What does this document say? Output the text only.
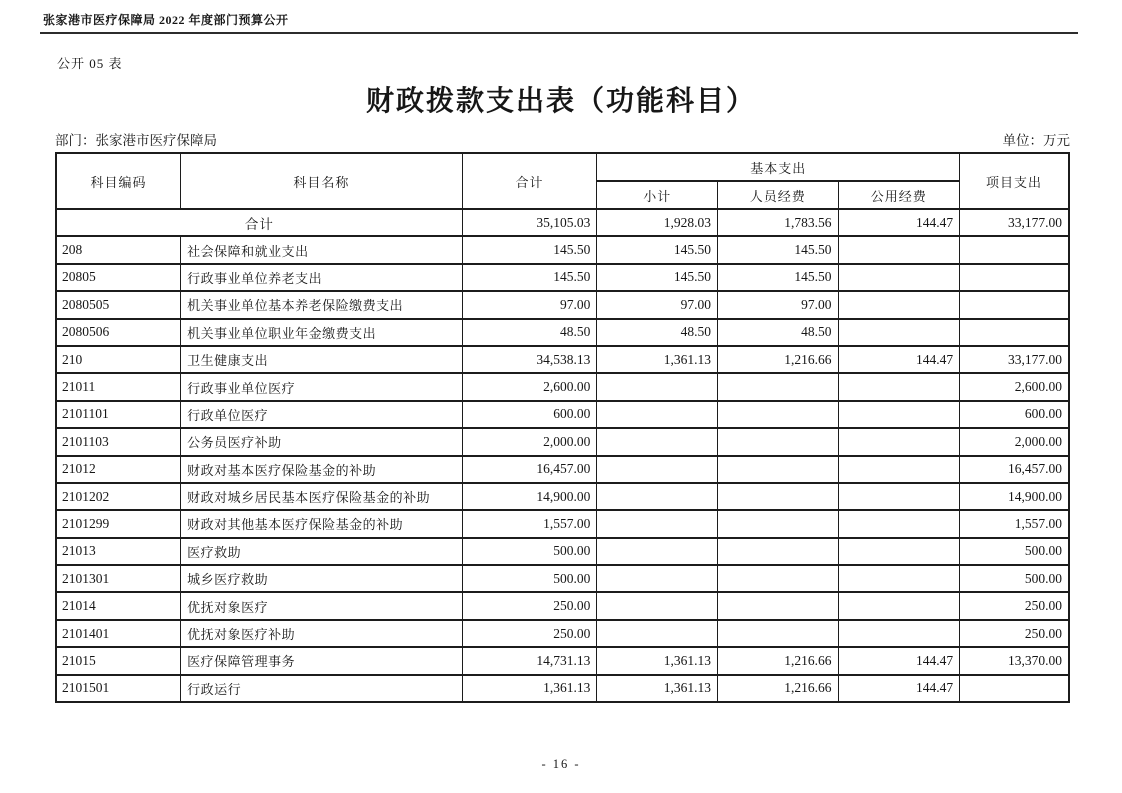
张家港市医疗保障局 2022 年度部门预算公开
公开 05 表
财政拨款支出表（功能科目）
部门：张家港市医疗保障局	单位：万元
科目编码	科目名称	合计	基本支出			项目支出
			小计	人员经费	公用经费	
合计		35,105.03	1,928.03	1,783.56	144.47	33,177.00
208	社会保障和就业支出	145.50	145.50	145.50		
20805	行政事业单位养老支出	145.50	145.50	145.50		
2080505	机关事业单位基本养老保险缴费支出	97.00	97.00	97.00		
2080506	机关事业单位职业年金缴费支出	48.50	48.50	48.50		
210	卫生健康支出	34,538.13	1,361.13	1,216.66	144.47	33,177.00
21011	行政事业单位医疗	2,600.00				2,600.00
2101101	行政单位医疗	600.00				600.00
2101103	公务员医疗补助	2,000.00				2,000.00
21012	财政对基本医疗保险基金的补助	16,457.00				16,457.00
2101202	财政对城乡居民基本医疗保险基金的补助	14,900.00				14,900.00
2101299	财政对其他基本医疗保险基金的补助	1,557.00				1,557.00
21013	医疗救助	500.00				500.00
2101301	城乡医疗救助	500.00				500.00
21014	优抚对象医疗	250.00				250.00
2101401	优抚对象医疗补助	250.00				250.00
21015	医疗保障管理事务	14,731.13	1,361.13	1,216.66	144.47	13,370.00
2101501	行政运行	1,361.13	1,361.13	1,216.66	144.47	
- 16 -
